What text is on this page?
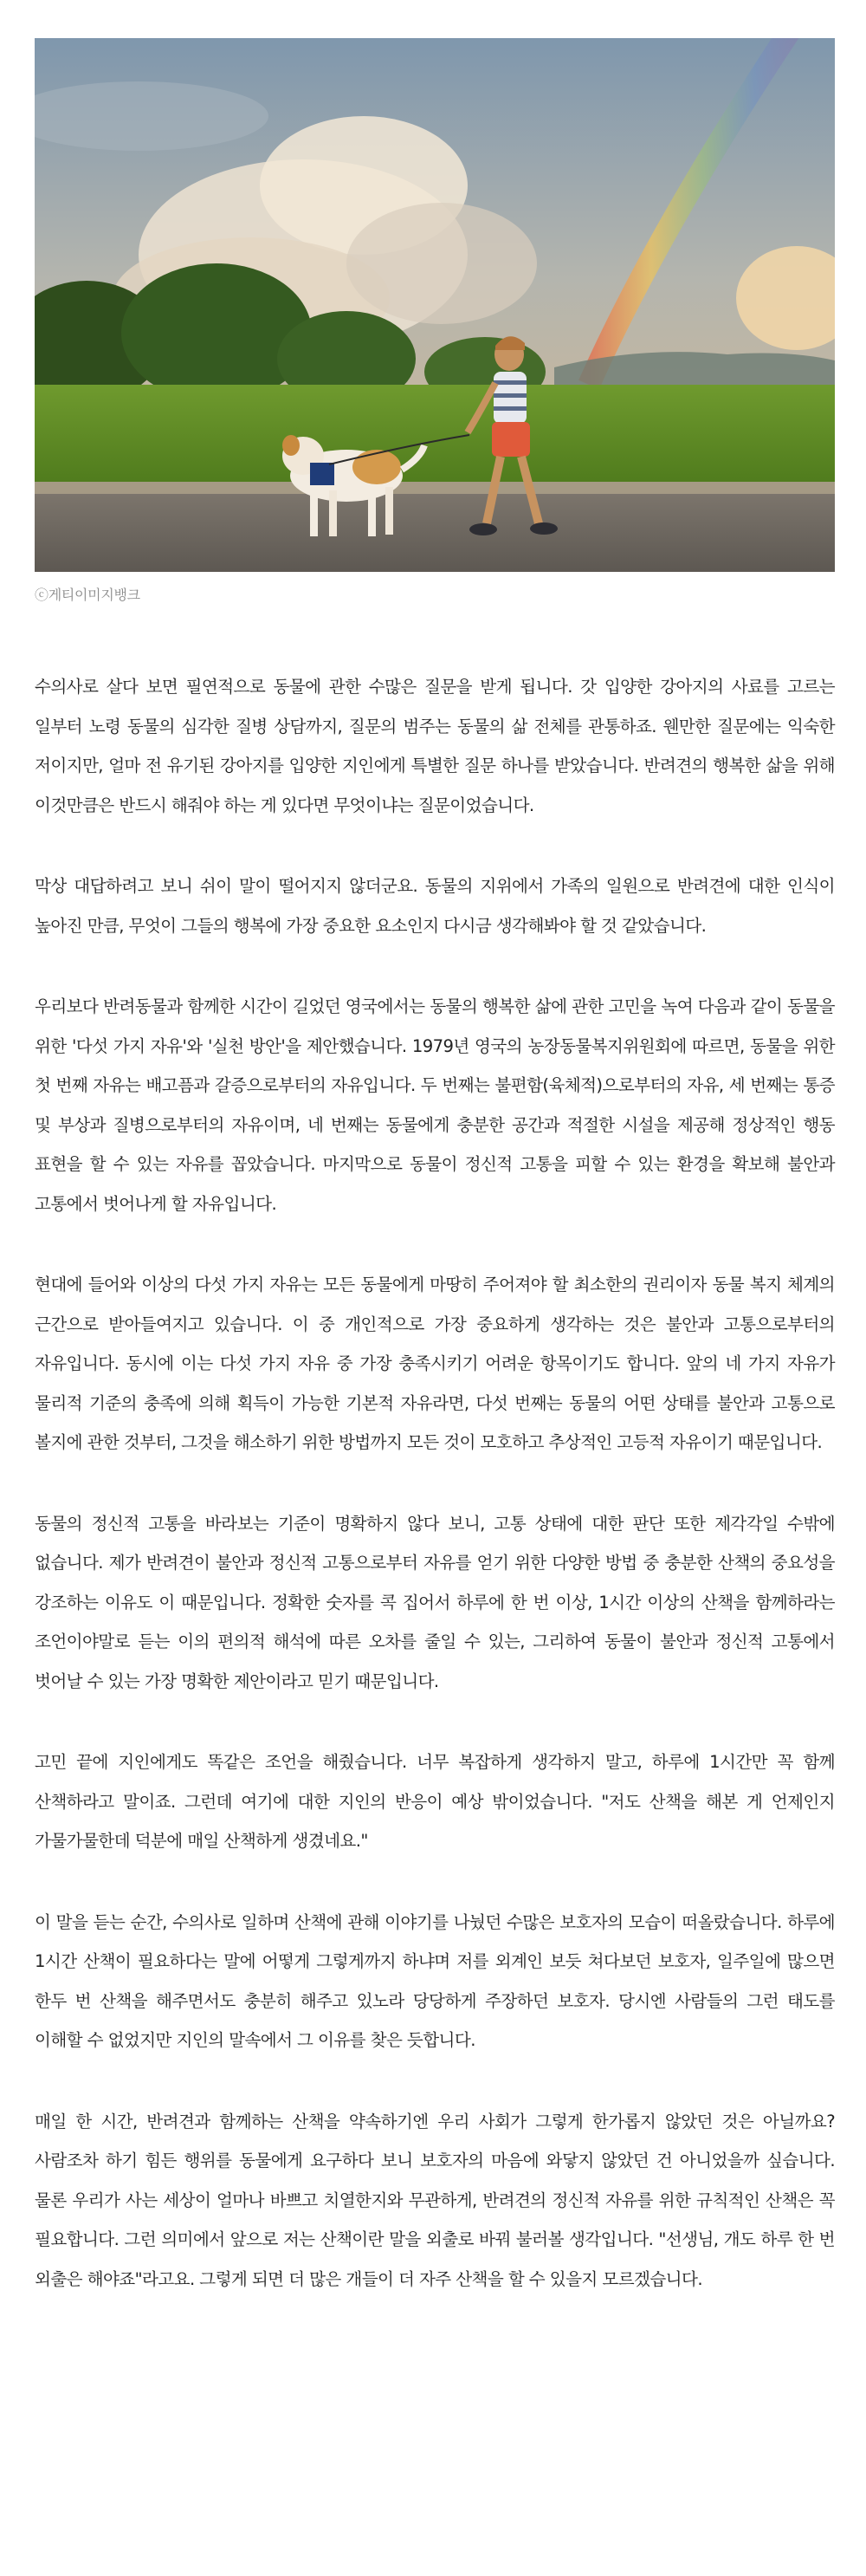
ⓒ게티이미지뱅크

수의사로 살다 보면 필연적으로 동물에 관한 수많은 질문을 받게 됩니다. 갓 입양한 강아지의 사료를 고르는 일부터 노령 동물의 심각한 질병 상담까지, 질문의 범주는 동물의 삶 전체를 관통하죠. 웬만한 질문에는 익숙한 저이지만, 얼마 전 유기된 강아지를 입양한 지인에게 특별한 질문 하나를 받았습니다. 반려견의 행복한 삶을 위해 이것만큼은 반드시 해줘야 하는 게 있다면 무엇이냐는 질문이었습니다.

막상 대답하려고 보니 쉬이 말이 떨어지지 않더군요. 동물의 지위에서 가족의 일원으로 반려견에 대한 인식이 높아진 만큼, 무엇이 그들의 행복에 가장 중요한 요소인지 다시금 생각해봐야 할 것 같았습니다.

우리보다 반려동물과 함께한 시간이 길었던 영국에서는 동물의 행복한 삶에 관한 고민을 녹여 다음과 같이 동물을 위한 '다섯 가지 자유'와 '실천 방안'을 제안했습니다. 1979년 영국의 농장동물복지위원회에 따르면, 동물을 위한 첫 번째 자유는 배고픔과 갈증으로부터의 자유입니다. 두 번째는 불편함(육체적)으로부터의 자유, 세 번째는 통증 및 부상과 질병으로부터의 자유이며, 네 번째는 동물에게 충분한 공간과 적절한 시설을 제공해 정상적인 행동 표현을 할 수 있는 자유를 꼽았습니다. 마지막으로 동물이 정신적 고통을 피할 수 있는 환경을 확보해 불안과 고통에서 벗어나게 할 자유입니다.

현대에 들어와 이상의 다섯 가지 자유는 모든 동물에게 마땅히 주어져야 할 최소한의 권리이자 동물 복지 체계의 근간으로 받아들여지고 있습니다. 이 중 개인적으로 가장 중요하게 생각하는 것은 불안과 고통으로부터의 자유입니다. 동시에 이는 다섯 가지 자유 중 가장 충족시키기 어려운 항목이기도 합니다. 앞의 네 가지 자유가 물리적 기준의 충족에 의해 획득이 가능한 기본적 자유라면, 다섯 번째는 동물의 어떤 상태를 불안과 고통으로 볼지에 관한 것부터, 그것을 해소하기 위한 방법까지 모든 것이 모호하고 추상적인 고등적 자유이기 때문입니다.

동물의 정신적 고통을 바라보는 기준이 명확하지 않다 보니, 고통 상태에 대한 판단 또한 제각각일 수밖에 없습니다. 제가 반려견이 불안과 정신적 고통으로부터 자유를 얻기 위한 다양한 방법 중 충분한 산책의 중요성을 강조하는 이유도 이 때문입니다. 정확한 숫자를 콕 집어서 하루에 한 번 이상, 1시간 이상의 산책을 함께하라는 조언이야말로 듣는 이의 편의적 해석에 따른 오차를 줄일 수 있는, 그리하여 동물이 불안과 정신적 고통에서 벗어날 수 있는 가장 명확한 제안이라고 믿기 때문입니다.

고민 끝에 지인에게도 똑같은 조언을 해줬습니다. 너무 복잡하게 생각하지 말고, 하루에 1시간만 꼭 함께 산책하라고 말이죠. 그런데 여기에 대한 지인의 반응이 예상 밖이었습니다. "저도 산책을 해본 게 언제인지 가물가물한데 덕분에 매일 산책하게 생겼네요."

이 말을 듣는 순간, 수의사로 일하며 산책에 관해 이야기를 나눴던 수많은 보호자의 모습이 떠올랐습니다. 하루에 1시간 산책이 필요하다는 말에 어떻게 그렇게까지 하냐며 저를 외계인 보듯 쳐다보던 보호자, 일주일에 많으면 한두 번 산책을 해주면서도 충분히 해주고 있노라 당당하게 주장하던 보호자. 당시엔 사람들의 그런 태도를 이해할 수 없었지만 지인의 말속에서 그 이유를 찾은 듯합니다.

매일 한 시간, 반려견과 함께하는 산책을 약속하기엔 우리 사회가 그렇게 한가롭지 않았던 것은 아닐까요? 사람조차 하기 힘든 행위를 동물에게 요구하다 보니 보호자의 마음에 와닿지 않았던 건 아니었을까 싶습니다. 물론 우리가 사는 세상이 얼마나 바쁘고 치열한지와 무관하게, 반려견의 정신적 자유를 위한 규칙적인 산책은 꼭 필요합니다. 그런 의미에서 앞으로 저는 산책이란 말을 외출로 바꿔 불러볼 생각입니다. "선생님, 개도 하루 한 번 외출은 해야죠"라고요. 그렇게 되면 더 많은 개들이 더 자주 산책을 할 수 있을지 모르겠습니다.
